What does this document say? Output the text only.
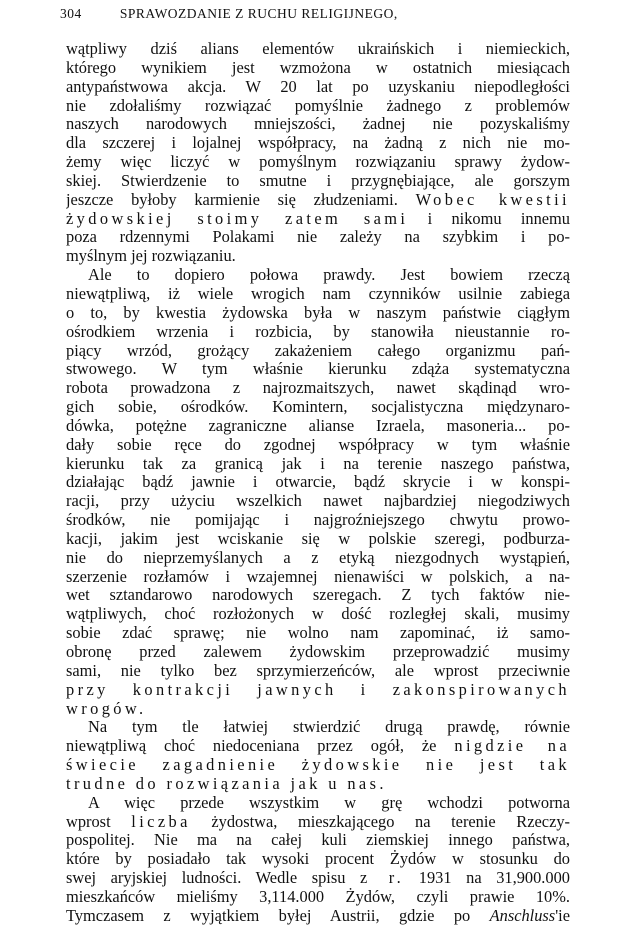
304	SPRAWOZDANIE Z RUCHU RELIGIJNEGO,
wątpliwy dziś alians elementów ukraińskich i niemieckich,
którego wynikiem jest wzmożona w ostatnich miesiącach
antypaństwowa akcja. W 20 lat po uzyskaniu niepodległości
nie zdołaliśmy rozwiązać pomyślnie żadnego z problemów
naszych narodowych mniejszości, żadnej nie pozyskaliśmy
dla szczerej i lojalnej współpracy, na żadną z nich nie mo-
żemy więc liczyć w pomyślnym rozwiązaniu sprawy żydow-
skiej. Stwierdzenie to smutne i przygnębiające, ale gorszym
jeszcze byłoby karmienie się złudzeniami. Wobec kwestii
żydowskiej stoimy zatem sami i nikomu innemu
poza rdzennymi Polakami nie zależy na szybkim i po-
myślnym jej rozwiązaniu.
Ale to dopiero połowa prawdy. Jest bowiem rzeczą
niewątpliwą, iż wiele wrogich nam czynników usilnie zabiega
o to, by kwestia żydowska była w naszym państwie ciągłym
ośrodkiem wrzenia i rozbicia, by stanowiła nieustannie ro-
piący wrzód, grożący zakażeniem całego organizmu pań-
stwowego. W tym właśnie kierunku zdąża systematyczna
robota prowadzona z najrozmaitszych, nawet skądinąd wro-
gich sobie, ośrodków. Komintern, socjalistyczna międzynaro-
dówka, potężne zagraniczne alianse Izraela, masoneria... po-
dały sobie ręce do zgodnej współpracy w tym właśnie
kierunku tak za granicą jak i na terenie naszego państwa,
działając bądź jawnie i otwarcie, bądź skrycie i w konspi-
racji, przy użyciu wszelkich nawet najbardziej niegodziwych
środków, nie pomijając i najgroźniejszego chwytu prowo-
kacji, jakim jest wciskanie się w polskie szeregi, podburza-
nie do nieprzemyślanych a z etyką niezgodnych wystąpień,
szerzenie rozłamów i wzajemnej nienawiści w polskich, a na-
wet sztandarowo narodowych szeregach. Z tych faktów nie-
wątpliwych, choć rozłożonych w dość rozległej skali, musimy
sobie zdać sprawę; nie wolno nam zapominać, iż samo-
obronę przed zalewem żydowskim przeprowadzić musimy
sami, nie tylko bez sprzymierzeńców, ale wprost przeciwnie
przy kontrakcji jawnych i zakonspirowanych
wrogów.
Na tym tle łatwiej stwierdzić drugą prawdę, równie
niewątpliwą choć niedoceniana przez ogół, że nigdzie na
świecie zagadnienie żydowskie nie jest tak
trudne do rozwiązania jak u nas.
A więc przede wszystkim w grę wchodzi potworna
wprost liczba żydostwa, mieszkającego na terenie Rzeczy-
pospolitej. Nie ma na całej kuli ziemskiej innego państwa,
które by posiadało tak wysoki procent Żydów w stosunku do
swej aryjskiej ludności. Wedle spisu z r. 1931 na 31,900.000
mieszkańców mieliśmy 3,114.000 Żydów, czyli prawie 10%.
Tymczasem z wyjątkiem byłej Austrii, gdzie po Anschluss'ie
